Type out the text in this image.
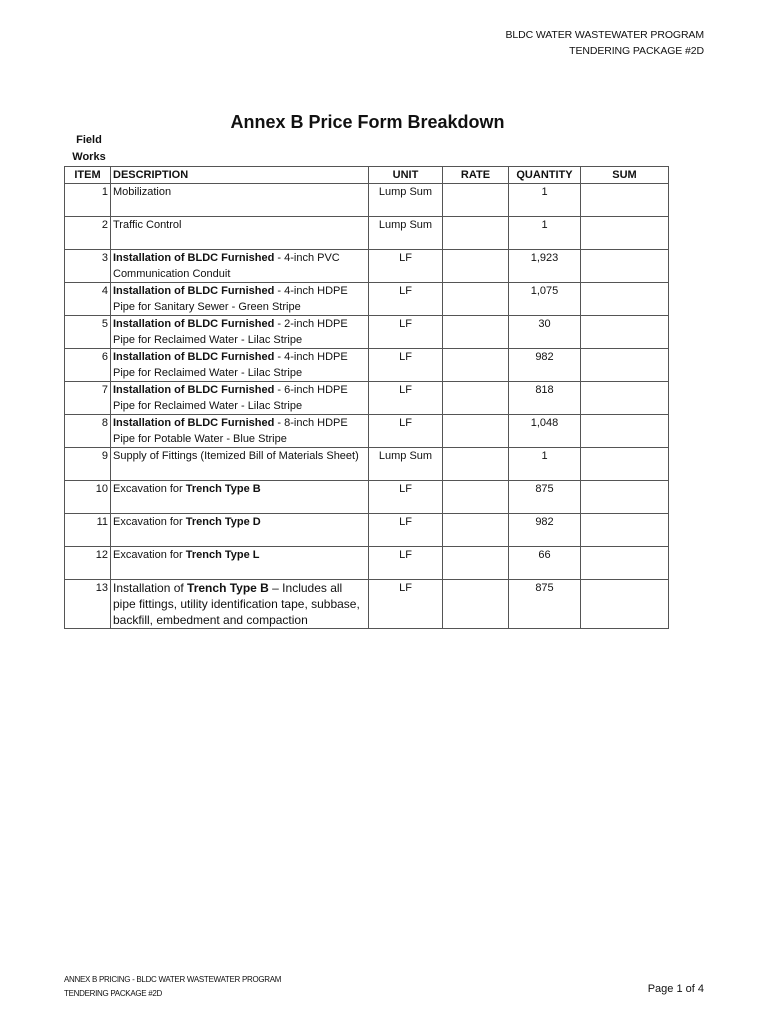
BLDC WATER WASTEWATER PROGRAM
TENDERING PACKAGE #2D
Annex B Price Form Breakdown
Field
Works
ITEM	DESCRIPTION	UNIT	RATE	QUANTITY	SUM
1	Mobilization	Lump Sum		1	
2	Traffic Control	Lump Sum		1	
3	Installation of BLDC Furnished - 4-inch PVC Communication Conduit	LF		1,923	
4	Installation of BLDC Furnished - 4-inch HDPE Pipe for Sanitary Sewer - Green Stripe	LF		1,075	
5	Installation of BLDC Furnished - 2-inch HDPE Pipe for Reclaimed Water - Lilac Stripe	LF		30	
6	Installation of BLDC Furnished - 4-inch HDPE Pipe for Reclaimed Water - Lilac Stripe	LF		982	
7	Installation of BLDC Furnished - 6-inch HDPE Pipe for Reclaimed Water - Lilac Stripe	LF		818	
8	Installation of BLDC Furnished - 8-inch HDPE Pipe for Potable Water - Blue Stripe	LF		1,048	
9	Supply of Fittings (Itemized Bill of Materials Sheet)	Lump Sum		1	
10	Excavation for Trench Type B	LF		875	
11	Excavation for Trench Type D	LF		982	
12	Excavation for Trench Type L	LF		66	
13	Installation of Trench Type B – Includes all pipe fittings, utility identification tape, subbase, backfill, embedment and compaction	LF		875	
ANNEX B PRICING - BLDC WATER WASTEWATER PROGRAM
TENDERING PACKAGE #2D	Page 1 of 4
